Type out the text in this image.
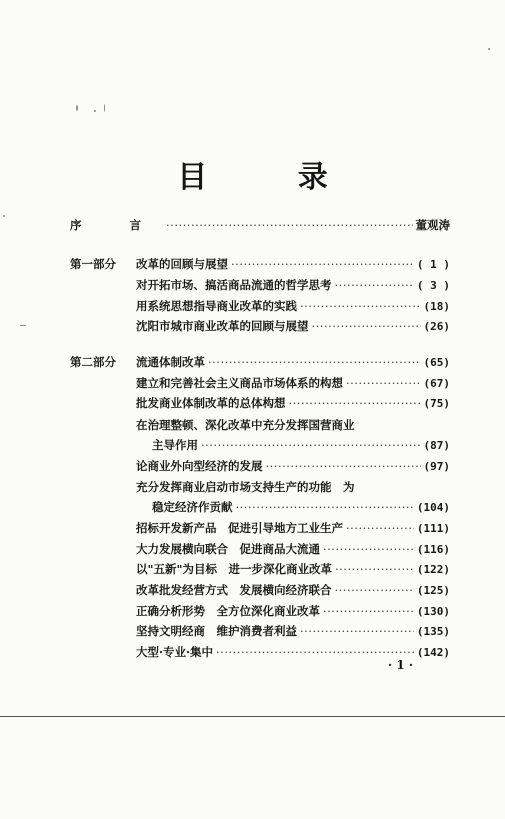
目 录
序 言 ·····	董观涛
第一部分 改革的回顾与展望 ·····	( 1 )
对开拓市场、搞活商品流通的哲学思考 ·····	( 3 )
用系统思想指导商业改革的实践 ·····	(18)
沈阳市城市商业改革的回顾与展望 ·····	(26)
第二部分 流通体制改革 ·····	(65)
建立和完善社会主义商品市场体系的构想 ·····	(67)
批发商业体制改革的总体构想 ·····	(75)
在治理整顿、深化改革中充分发挥国营商业
主导作用 ·····	(87)
论商业外向型经济的发展 ·····	(97)
充分发挥商业启动市场支持生产的功能　为
稳定经济作贡献 ·····	(104)
招标开发新产品　促进引导地方工业生产 ·····	(111)
大力发展横向联合　促进商品大流通 ·····	(116)
以"五新"为目标　进一步深化商业改革 ·····	(122)
改革批发经营方式　发展横向经济联合 ·····	(125)
正确分析形势　全方位深化商业改革 ·····	(130)
坚持文明经商　维护消费者利益 ·····	(135)
大型·专业·集中 ·····	(142)
· 1 ·
